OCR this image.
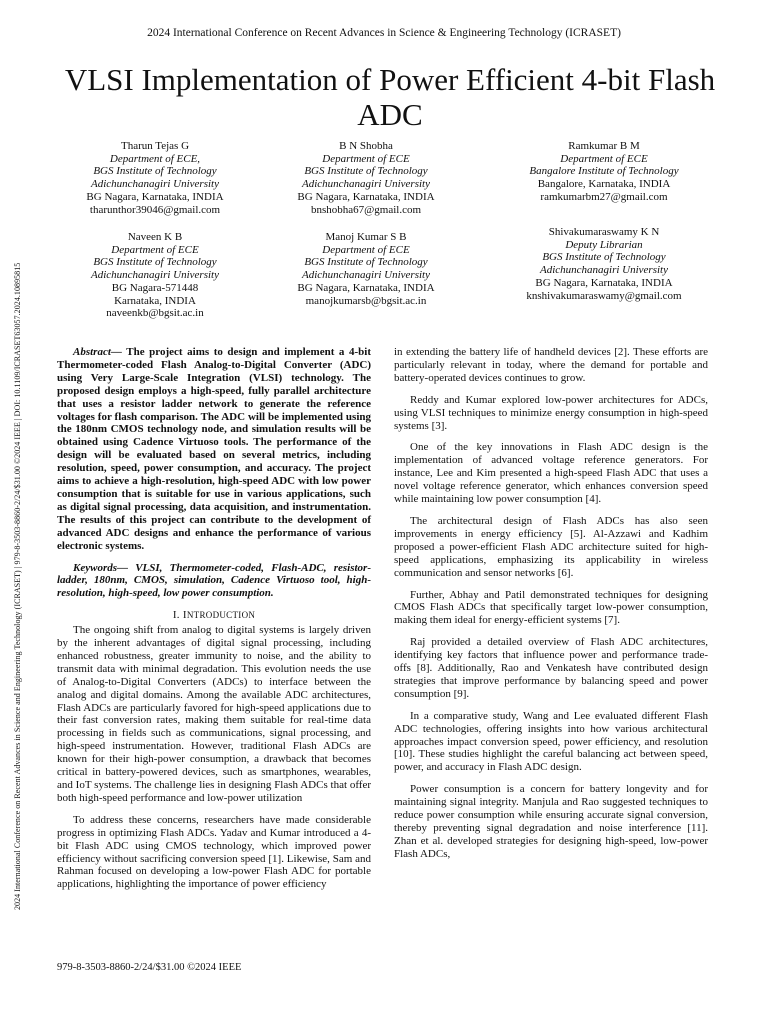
2024 International Conference on Recent Advances in Science & Engineering Technology (ICRASET)
VLSI Implementation of Power Efficient 4-bit Flash ADC
2024 International Conference on Recent Advances in Science and Engineering Technology (ICRASET) | 979-8-3503-8860-2/24/$31.00 ©2024 IEEE | DOI: 10.1109/ICRASET63057.2024.10895815
Tharun Tejas G
Department of ECE,
BGS Institute of Technology
Adichunchanagiri University
BG Nagara, Karnataka, INDIA
tharunthor39046@gmail.com
B N Shobha
Department of ECE
BGS Institute of Technology
Adichunchanagiri University
BG Nagara, Karnataka, INDIA
bnshobha67@gmail.com
Ramkumar B M
Department of ECE
Bangalore Institute of Technology
Bangalore, Karnataka, INDIA
ramkumarbm27@gmail.com
Naveen K B
Department of ECE
BGS Institute of Technology
Adichunchanagiri University
BG Nagara-571448
Karnataka, INDIA
naveenkb@bgsit.ac.in
Manoj Kumar S B
Department of ECE
BGS Institute of Technology
Adichunchanagiri University
BG Nagara, Karnataka, INDIA
manojkumarsb@bgsit.ac.in
Shivakumaraswamy K N
Deputy Librarian
BGS Institute of Technology
Adichunchanagiri University
BG Nagara, Karnataka, INDIA
knshivakumaraswamy@gmail.com

Abstract— The project aims to design and implement a 4-bit Thermometer-coded Flash Analog-to-Digital Converter (ADC) using Very Large-Scale Integration (VLSI) technology. The proposed design employs a high-speed, fully parallel architecture that uses a resistor ladder network to generate the reference voltages for flash comparison. The ADC will be implemented using the 180nm CMOS technology node, and simulation results will be obtained using Cadence Virtuoso tools. The performance of the design will be evaluated based on several metrics, including resolution, speed, power consumption, and accuracy. The project aims to achieve a high-resolution, high-speed ADC with low power consumption that is suitable for use in various applications, such as digital signal processing, data acquisition, and instrumentation. The results of this project can contribute to the development of advanced ADC designs and enhance the performance of various electronic systems.

Keywords— VLSI, Thermometer-coded, Flash-ADC, resistor-ladder, 180nm, CMOS, simulation, Cadence Virtuoso tool, high-resolution, high-speed, low power consumption.

I. INTRODUCTION

The ongoing shift from analog to digital systems is largely driven by the inherent advantages of digital signal processing, including enhanced robustness, greater immunity to noise, and the ability to transmit data with minimal degradation. This evolution needs the use of Analog-to-Digital Converters (ADCs) to interface between the analog and digital domains. Among the available ADC architectures, Flash ADCs are particularly favored for high-speed applications due to their fast conversion rates, making them suitable for real-time data processing in fields such as communications, signal processing, and high-speed instrumentation. However, traditional Flash ADCs are known for their high-power consumption, a drawback that becomes critical in battery-powered devices, such as smartphones, wearables, and IoT systems. The challenge lies in designing Flash ADCs that offer both high-speed performance and low-power utilization

To address these concerns, researchers have made considerable progress in optimizing Flash ADCs. Yadav and Kumar introduced a 4-bit Flash ADC using CMOS technology, which improved power efficiency without sacrificing conversion speed [1]. Likewise, Sam and Rahman focused on developing a low-power Flash ADC for portable applications, highlighting the importance of power efficiency

in extending the battery life of handheld devices [2]. These efforts are particularly relevant in today, where the demand for portable and battery-operated devices continues to grow.

Reddy and Kumar explored low-power architectures for ADCs, using VLSI techniques to minimize energy consumption in high-speed systems [3].

One of the key innovations in Flash ADC design is the implementation of advanced voltage reference generators. For instance, Lee and Kim presented a high-speed Flash ADC that uses a novel voltage reference generator, which enhances conversion speed while maintaining low power consumption [4].

The architectural design of Flash ADCs has also seen improvements in energy efficiency [5]. Al-Azzawi and Kadhim proposed a power-efficient Flash ADC architecture suited for high-speed applications, emphasizing its applicability in wireless communication and sensor networks [6].

Further, Abhay and Patil demonstrated techniques for designing CMOS Flash ADCs that specifically target low-power consumption, making them ideal for energy-efficient systems [7].

Raj provided a detailed overview of Flash ADC architectures, identifying key factors that influence power and performance trade-offs [8]. Additionally, Rao and Venkatesh have contributed design strategies that improve performance by balancing speed and power consumption [9].

In a comparative study, Wang and Lee evaluated different Flash ADC technologies, offering insights into how various architectural approaches impact conversion speed, power efficiency, and resolution [10]. These studies highlight the careful balancing act between speed, power, and accuracy in Flash ADC design.

Power consumption is a concern for battery longevity and for maintaining signal integrity. Manjula and Rao suggested techniques to reduce power consumption while ensuring accurate signal conversion, thereby preventing signal degradation and noise interference [11]. Zhan et al. developed strategies for designing high-speed, low-power Flash ADCs,

979-8-3503-8860-2/24/$31.00 ©2024 IEEE
